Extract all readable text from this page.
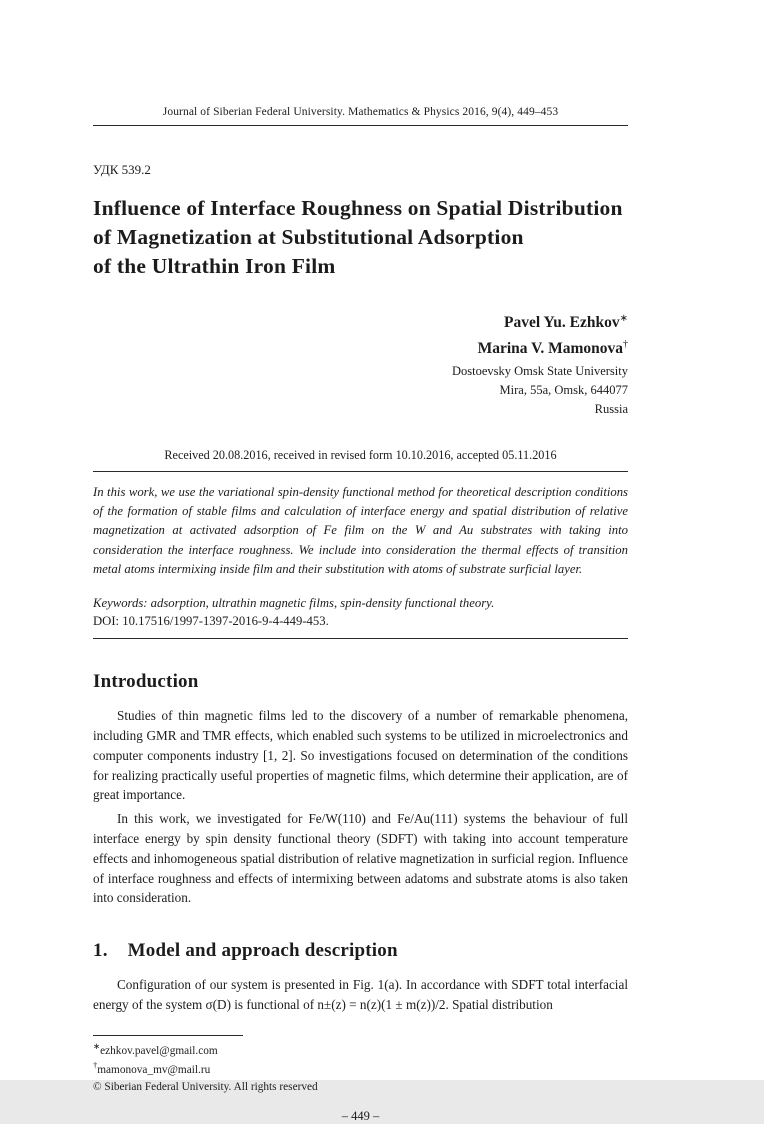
Journal of Siberian Federal University. Mathematics & Physics 2016, 9(4), 449–453
УДК 539.2
Influence of Interface Roughness on Spatial Distribution
of Magnetization at Substitutional Adsorption
of the Ultrathin Iron Film
Pavel Yu. Ezhkov∗
Marina V. Mamonova†
Dostoevsky Omsk State University
Mira, 55a, Omsk, 644077
Russia
Received 20.08.2016, received in revised form 10.10.2016, accepted 05.11.2016
In this work, we use the variational spin-density functional method for theoretical description conditions of the formation of stable films and calculation of interface energy and spatial distribution of relative magnetization at activated adsorption of Fe film on the W and Au substrates with taking into consideration the interface roughness. We include into consideration the thermal effects of transition metal atoms intermixing inside film and their substitution with atoms of substrate surficial layer.
Keywords: adsorption, ultrathin magnetic films, spin-density functional theory.
DOI: 10.17516/1997-1397-2016-9-4-449-453.
Introduction

Studies of thin magnetic films led to the discovery of a number of remarkable phenomena, including GMR and TMR effects, which enabled such systems to be utilized in microelectronics and computer components industry [1, 2]. So investigations focused on determination of the conditions for realizing practically useful properties of magnetic films, which determine their application, are of great importance.

In this work, we investigated for Fe/W(110) and Fe/Au(111) systems the behaviour of full interface energy by spin density functional theory (SDFT) with taking into account temperature effects and inhomogeneous spatial distribution of relative magnetization in surficial region. Influence of interface roughness and effects of intermixing between adatoms and substrate atoms is also taken into consideration.

1. Model and approach description

Configuration of our system is presented in Fig. 1(a). In accordance with SDFT total interfacial energy of the system σ(D) is functional of n±(z) = n(z)(1 ± m(z))/2. Spatial distribution

∗ezhkov.pavel@gmail.com
†mamonova_mv@mail.ru
© Siberian Federal University. All rights reserved
– 449 –
